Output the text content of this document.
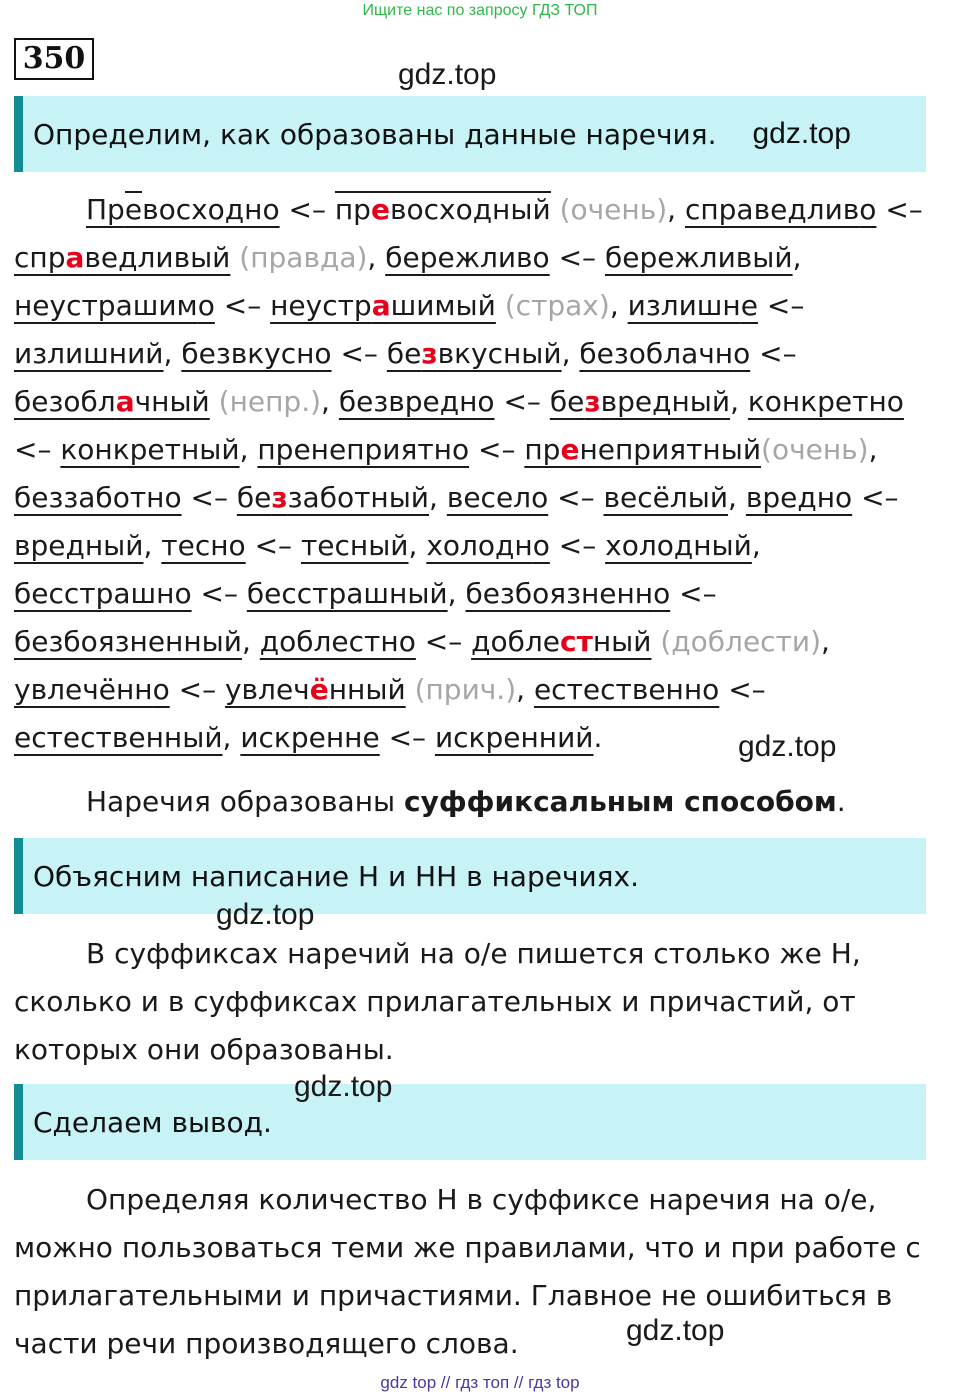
Ищите нас по запросу ГДЗ ТОП
350	gdz.top
Определим, как образованы данные наречия. gdz.top
Превосходно <– превосходный (очень), справедливо <–
справедливый (правда), бережливо <– бережливый,
неустрашимо <– неустрашимый (страх), излишне <–
излишний, безвкусно <– безвкусный, безоблачно <–
безоблачный (непр.), безвредно <– безвредный, конкретно
<– конкретный, пренеприятно <– пренеприятный(очень),
беззаботно <– беззаботный, весело <– весёлый, вредно <–
вредный, тесно <– тесный, холодно <– холодный,
бесстрашно <– бесстрашный, безбоязненно <–
безбоязненный, доблестно <– доблестный (доблести),
увлечённо <– увлечённый (прич.), естественно <–
естественный, искренне <– искренний.	gdz.top
Наречия образованы суффиксальным способом.
Объясним написание Н и НН в наречиях.
gdz.top
В суффиксах наречий на о/е пишется столько же Н, сколько и в суффиксах прилагательных и причастий, от которых они образованы.
Сделаем вывод.
gdz.top
Определяя количество Н в суффиксе наречия на о/е, можно пользоваться теми же правилами, что и при работе с прилагательными и причастиями. Главное не ошибиться в части речи производящего слова.	gdz.top
gdz top // гдз топ // гдз top
